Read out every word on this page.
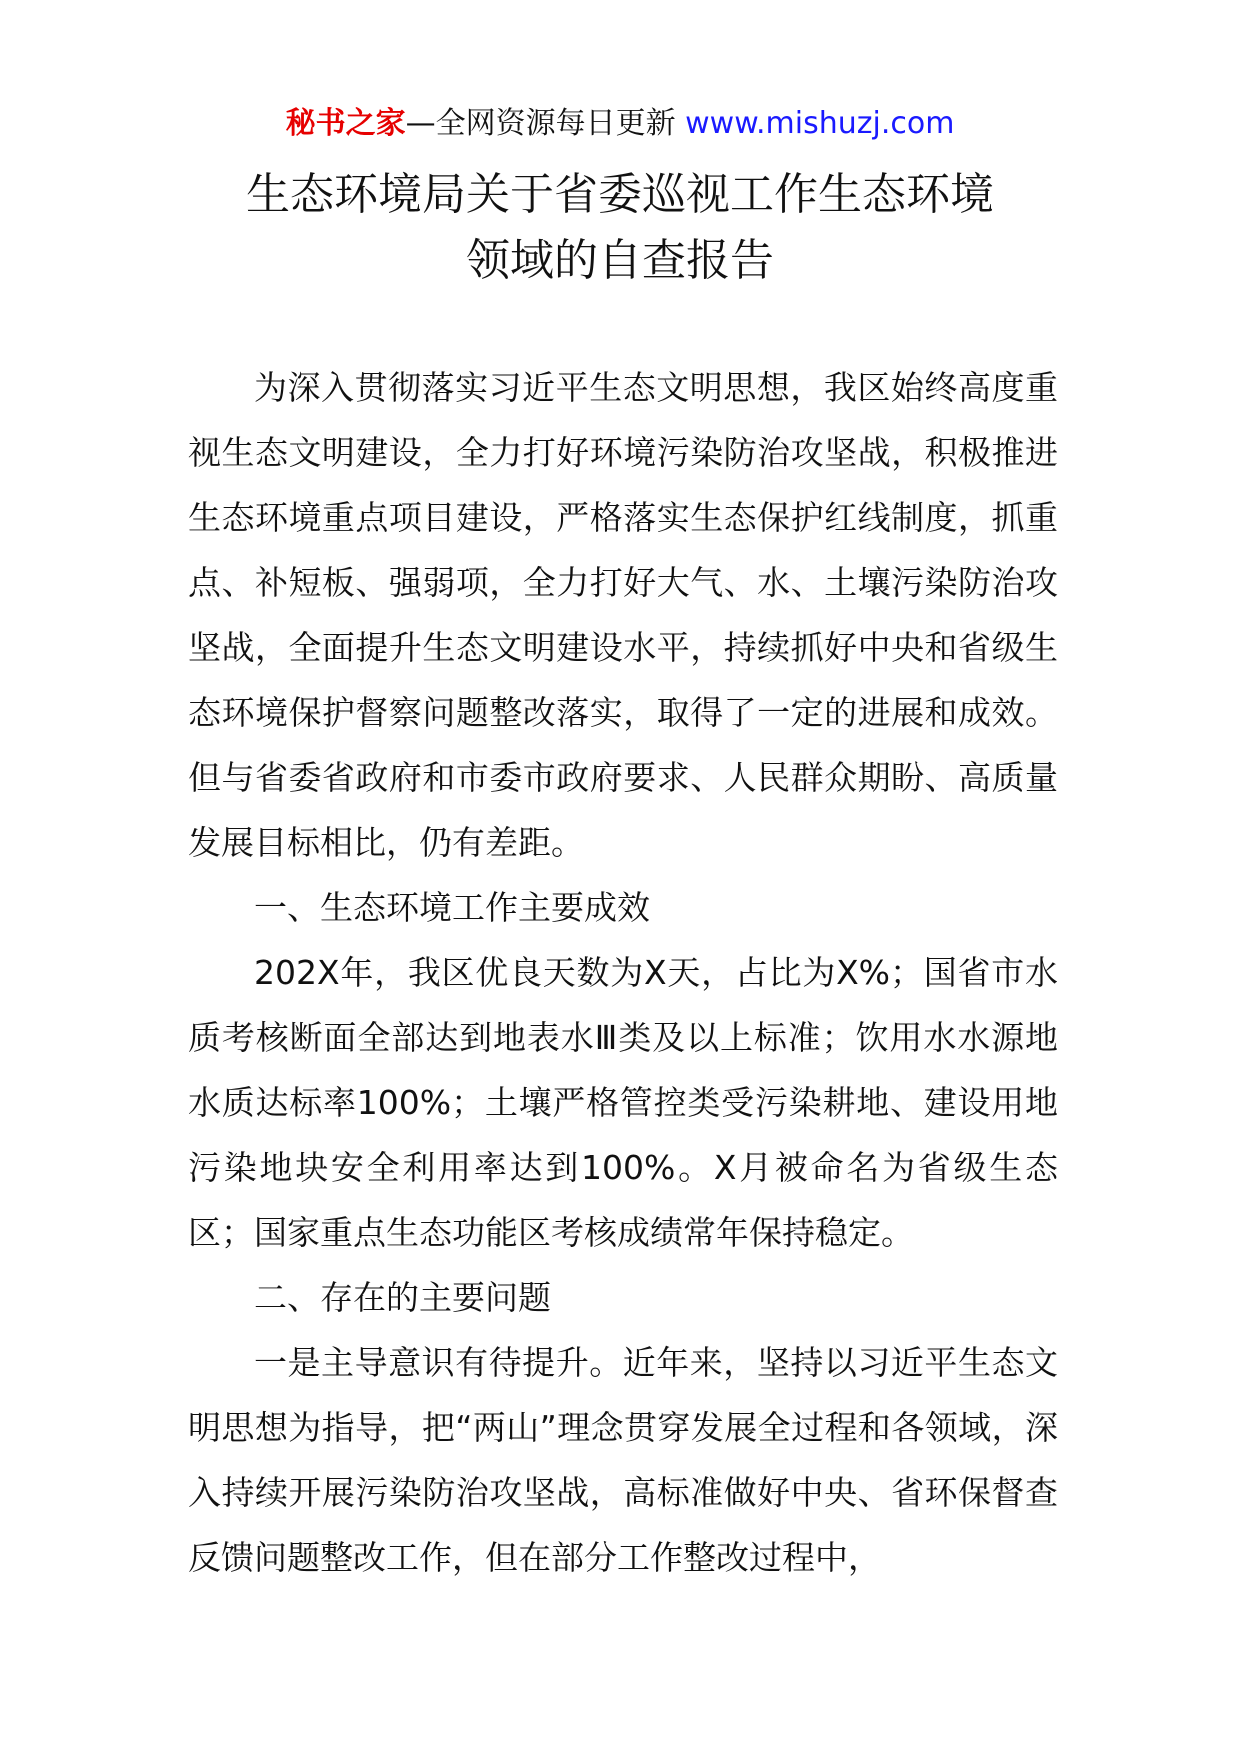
秘书之家—全网资源每日更新 www.mishuzj.com
生态环境局关于省委巡视工作生态环境
领域的自查报告

为深入贯彻落实习近平生态文明思想，我区始终高度重视生态文明建设，全力打好环境污染防治攻坚战，积极推进生态环境重点项目建设，严格落实生态保护红线制度，抓重点、补短板、强弱项，全力打好大气、水、土壤污染防治攻坚战，全面提升生态文明建设水平，持续抓好中央和省级生态环境保护督察问题整改落实，取得了一定的进展和成效。但与省委省政府和市委市政府要求、人民群众期盼、高质量发展目标相比，仍有差距。

一、生态环境工作主要成效

202X年，我区优良天数为X天，占比为X%；国省市水质考核断面全部达到地表水Ⅲ类及以上标准；饮用水水源地水质达标率100%；土壤严格管控类受污染耕地、建设用地污染地块安全利用率达到100%。X月被命名为省级生态区；国家重点生态功能区考核成绩常年保持稳定。

二、存在的主要问题

一是主导意识有待提升。近年来，坚持以习近平生态文明思想为指导，把“两山”理念贯穿发展全过程和各领域，深入持续开展污染防治攻坚战，高标准做好中央、省环保督查反馈问题整改工作，但在部分工作整改过程中，
